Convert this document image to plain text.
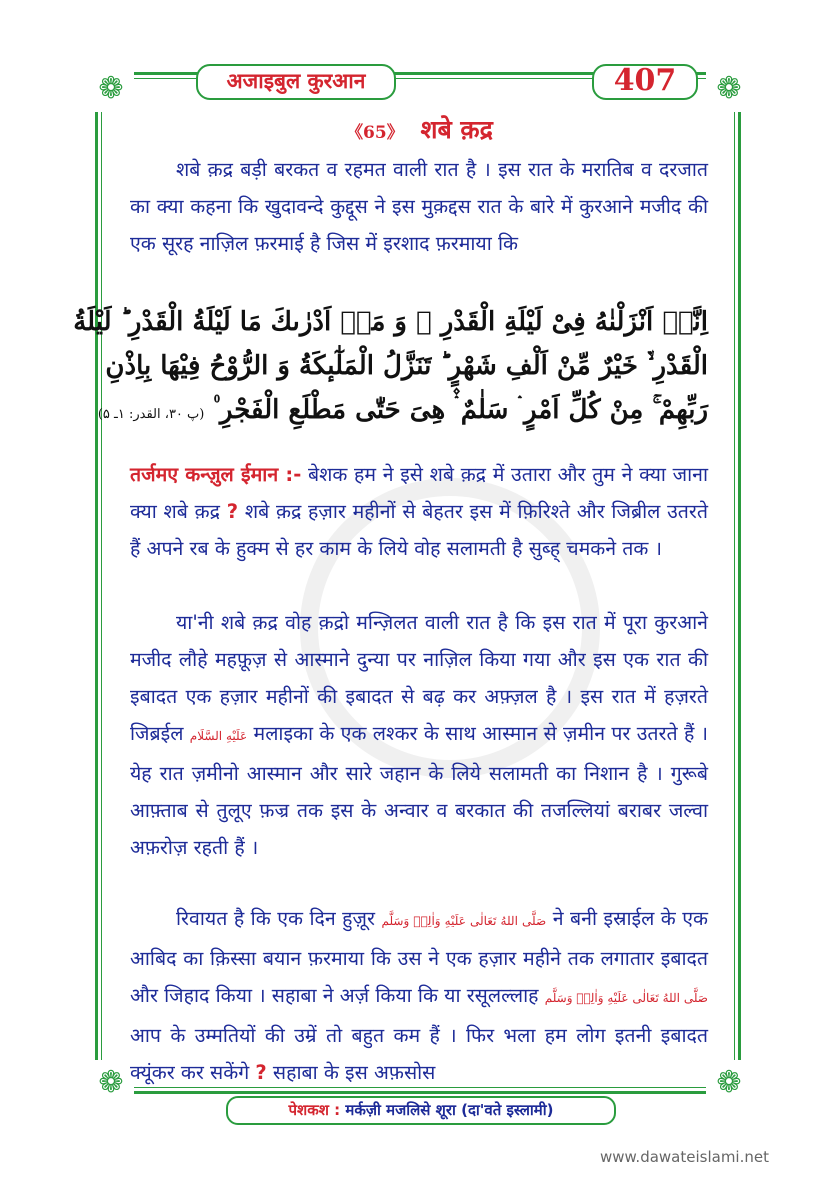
❁	❁
❁	❁
अजाइबुल कुरआन	407
《65》 शबे क़द्र
शबे क़द्र बड़ी बरकत व रहमत वाली रात है । इस रात के मरातिब व दरजात का क्या कहना कि खुदावन्दे कुद्दूस ने इस मुक़द्दस रात के बारे में कुरआने मजीद की एक सूरह नाज़िल फ़रमाई है जिस में इरशाद फ़रमाया कि
اِنَّاۤ اَنْزَلْنٰهُ فِیْ لَیْلَةِ الْقَدْرِ ۚ وَ مَاۤ اَدْرٰىكَ مَا لَیْلَةُ الْقَدْرِ ؕ لَیْلَةُ
الْقَدْرِ ۙ۬ خَیْرٌ مِّنْ اَلْفِ شَهْرٍ ؕ تَنَزَّلُ الْمَلٰٓىٕكَةُ وَ الرُّوْحُ فِیْهَا بِاِذْنِ
رَبِّهِمْ ۚ مِنْ كُلِّ اَمْرٍ ۛ سَلٰمٌ ۛ۫ هِیَ حَتّٰى مَطْلَعِ الْفَجْرِ ۠ (پ ۳۰، القدر: ۱ـ ۵)
तर्जमए कन्ज़ुल ईमान :- बेशक हम ने इसे शबे क़द्र में उतारा और तुम ने क्या जाना क्या शबे क़द्र ? शबे क़द्र हज़ार महीनों से बेहतर इस में फ़िरिश्ते और जिब्रील उतरते हैं अपने रब के हुक्म से हर काम के लिये वोह सलामती है सुब्ह् चमकने तक ।
या'नी शबे क़द्र वोह क़द्रो मन्ज़िलत वाली रात है कि इस रात में पूरा कुरआने मजीद लौहे महफ़ूज़ से आस्माने दुन्या पर नाज़िल किया गया और इस एक रात की इबादत एक हज़ार महीनों की इबादत से बढ़ कर अफ़्ज़ल है । इस रात में हज़रते जिब्रईल عَلَیْهِ السَّلَام मलाइका के एक लश्कर के साथ आस्मान से ज़मीन पर उतरते हैं । येह रात ज़मीनो आस्मान और सारे जहान के लिये सलामती का निशान है । गुरूबे आफ़्ताब से तुलूए फ़ज्र तक इस के अन्वार व बरकात की तजल्लियां बराबर जल्वा अफ़रोज़ रहती हैं ।
रिवायत है कि एक दिन हुज़ूर صَلَّى اللهُ تَعَالٰى عَلَيْهِ وَاٰلِهٖ وَسَلَّم ने बनी इस्राईल के एक आबिद का क़िस्सा बयान फ़रमाया कि उस ने एक हज़ार महीने तक लगातार इबादत और जिहाद किया । सहाबा ने अर्ज़ किया कि या रसूलल्लाह صَلَّى اللهُ تَعَالٰى عَلَيْهِ وَاٰلِهٖ وَسَلَّم आप के उम्मतियों की उम्रें तो बहुत कम हैं । फिर भला हम लोग इतनी इबादत क्यूंकर कर सकेंगे ? सहाबा के इस अफ़सोस
पेशकश : मर्कज़ी मजलिसे शूरा (दा'वते इस्लामी)
www.dawateislami.net
